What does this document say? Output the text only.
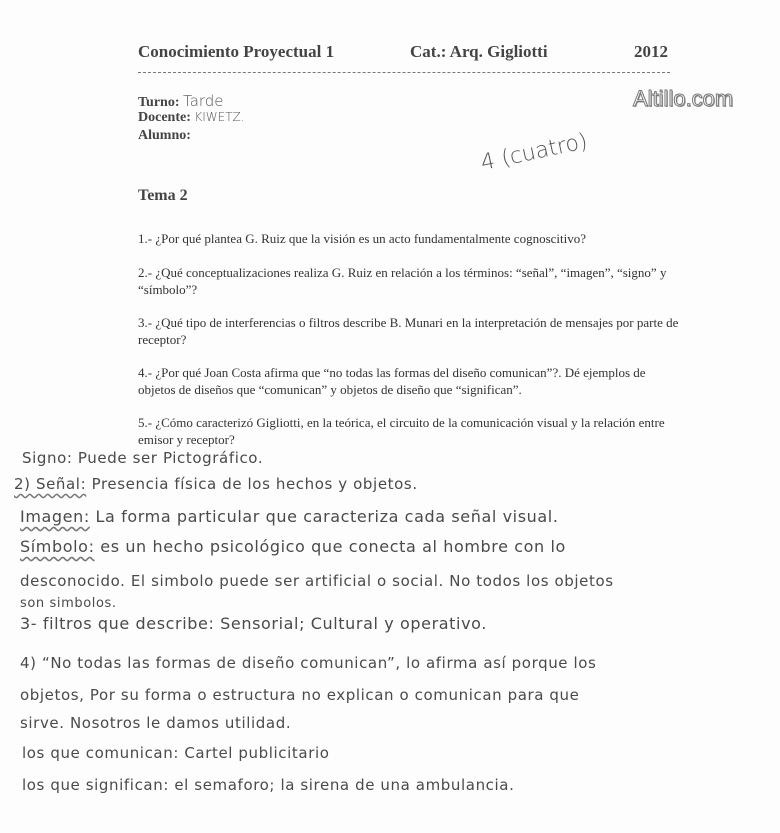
Conocimiento Proyectual 1	Cat.: Arq. Gigliotti	2012
Turno: Tarde
Docente: KIWETZ.
Alumno:
Altillo.com
4 (cuatro)
Tema 2
1.- ¿Por qué plantea G. Ruiz que la visión es un acto fundamentalmente cognoscitivo?
2.- ¿Qué conceptualizaciones realiza G. Ruiz en relación a los términos: “señal”, “imagen”, “signo” y “símbolo”?
3.- ¿Qué tipo de interferencias o filtros describe B. Munari en la interpretación de mensajes por parte de receptor?
4.- ¿Por qué Joan Costa afirma que “no todas las formas del diseño comunican”?. Dé ejemplos de objetos de diseños que “comunican” y objetos de diseño que “significan”.
5.- ¿Cómo caracterizó Gigliotti, en la teórica, el circuito de la comunicación visual y la relación entre emisor y receptor?
Signo: Puede ser Pictográfico.
2) Señal: Presencia física de los hechos y objetos.
Imagen: La forma particular que caracteriza cada señal visual.
Símbolo: es un hecho psicológico que conecta al hombre con lo
desconocido. El simbolo puede ser artificial o social. No todos los objetos
son simbolos.
3- filtros que describe: Sensorial; Cultural y operativo.
4) “No todas las formas de diseño comunican”, lo afirma así porque los
objetos, Por su forma o estructura no explican o comunican para que
sirve. Nosotros le damos utilidad.
los que comunican: Cartel publicitario
los que significan: el semaforo; la sirena de una ambulancia.
